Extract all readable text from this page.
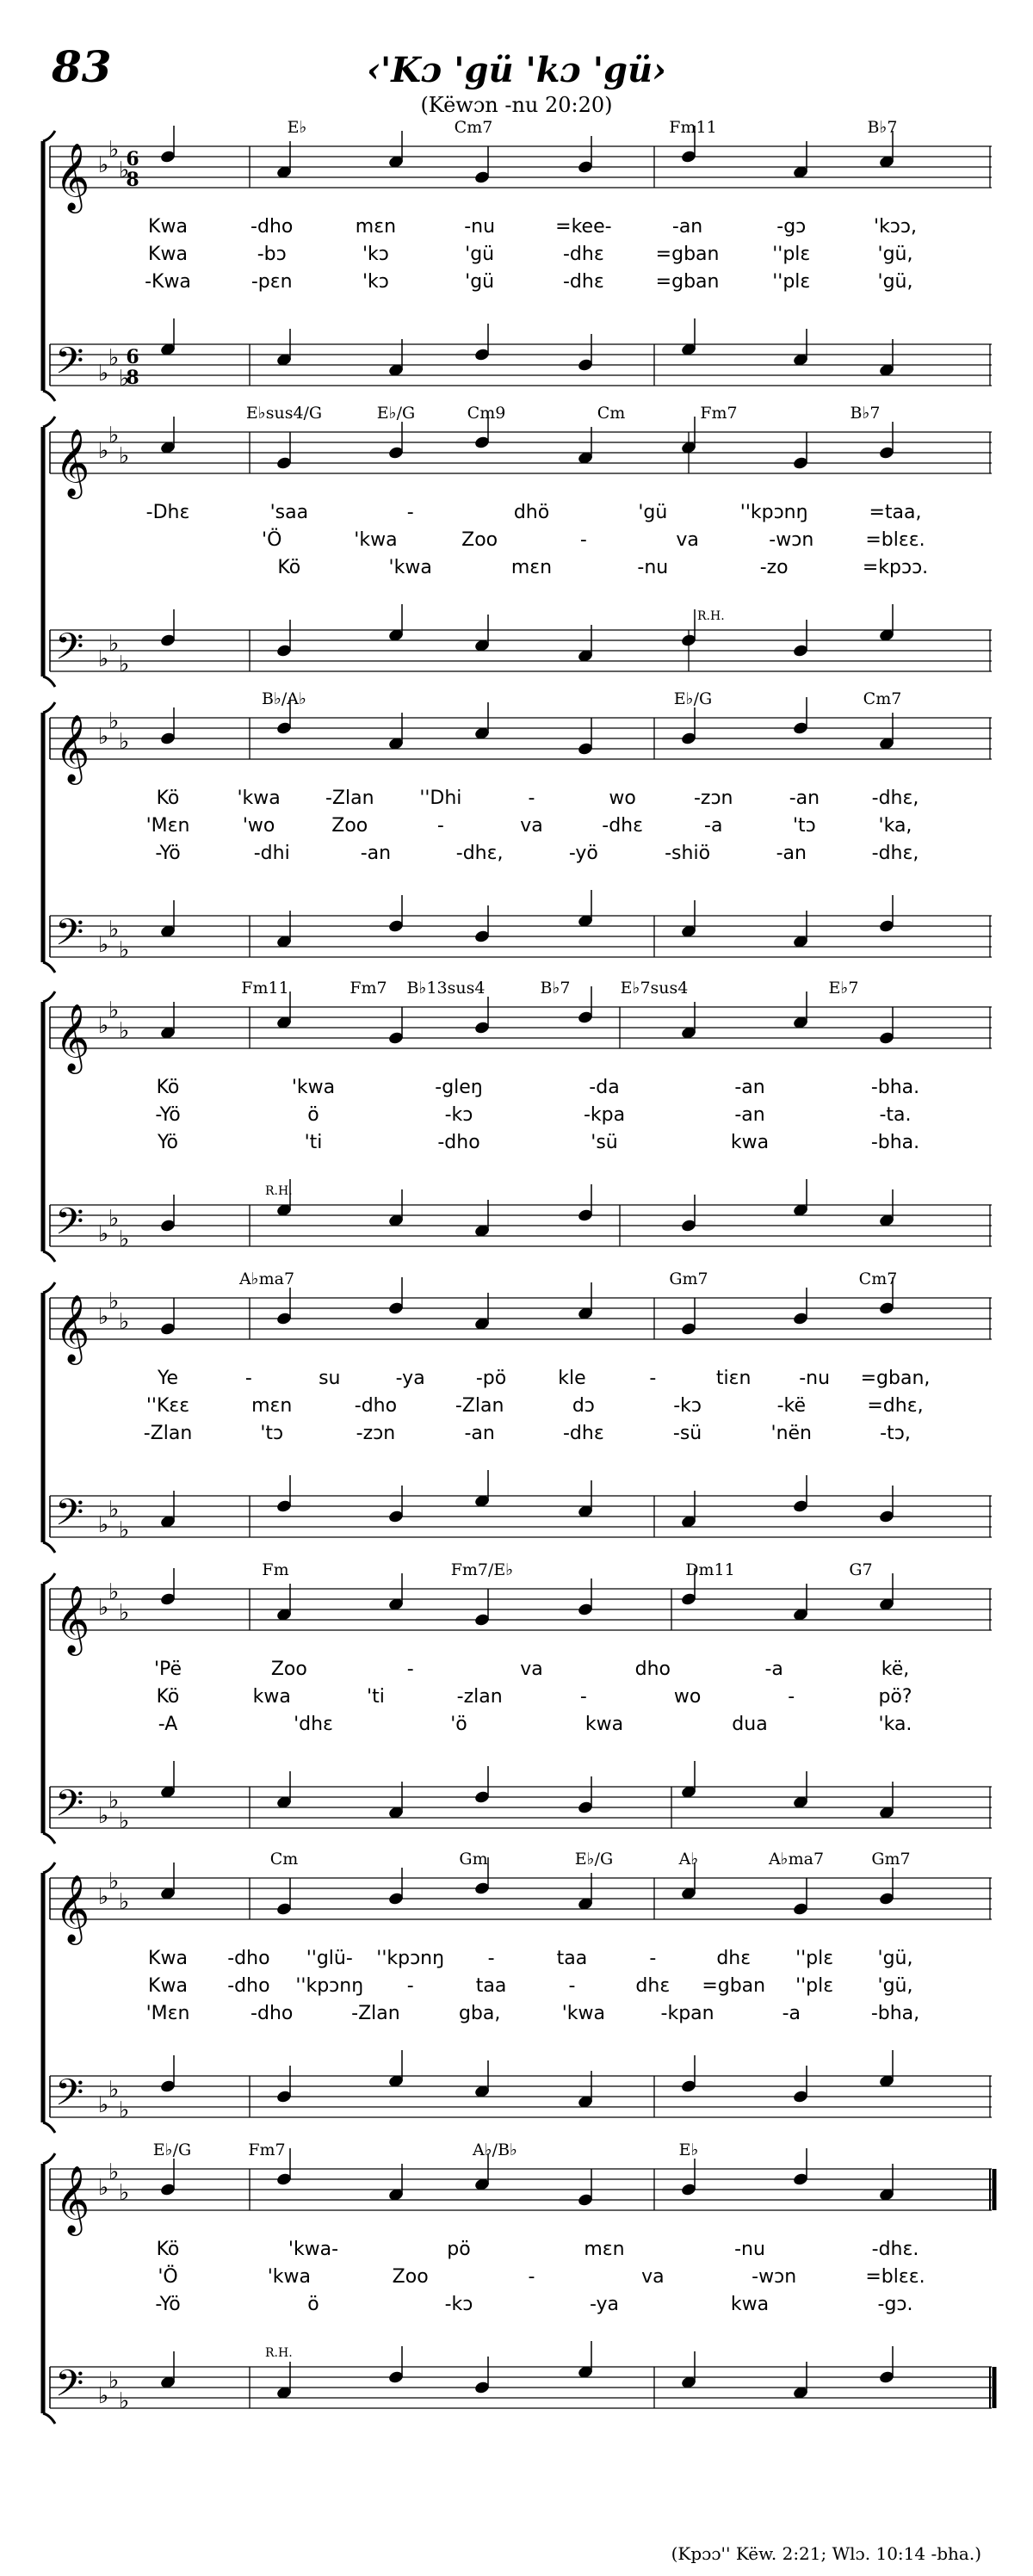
83	‹'Kɔ 'gü 'kɔ 'gü›
(Këwɔn -nu 20:20)
𝄞 ♭
♭
♭
6
8
𝄢 ♭
♭
♭
6
8
E♭	Cm7	Fm11	B♭7
Kwa	-dho	mɛn	-nu	=kee-	-an	-gɔ	'kɔɔ,
Kwa	-bɔ	'kɔ	'gü	-dhɛ	=gban	''plɛ	'gü,
-Kwa	-pɛn	'kɔ	'gü	-dhɛ	=gban	''plɛ	'gü,
𝄞 ♭
♭
♭
𝄢 ♭
♭
♭
E♭sus4/G	E♭/G	Cm9	Cm	Fm7	B♭7
R.H.
-Dhɛ	'saa	-	dhö	'gü	''kpɔnŋ	=taa,
'Ö	'kwa	Zoo	-	va	-wɔn	=blɛɛ.
Kö	'kwa	mɛn	-nu	-zo	=kpɔɔ.
𝄞 ♭
♭
♭
𝄢 ♭
♭
♭
B♭/A♭	E♭/G	Cm7
Kö	'kwa -Zlan ''Dhi	-	wo	-zɔn	-an	-dhɛ,
'Mɛn	'wo	Zoo	-	va	-dhɛ	-a	'tɔ	'ka,
-Yö	-dhi	-an	-dhɛ,	-yö	-shiö	-an	-dhɛ,
𝄞 ♭
♭
♭
𝄢 ♭
♭
♭
Fm11	Fm7 B♭13sus4	B♭7	E♭7sus4	E♭7
R.H.
Kö	'kwa	-gleŋ	-da	-an	-bha.
-Yö	ö	-kɔ	-kpa	-an	-ta.
Yö	'ti	-dho	'sü	kwa	-bha.
𝄞 ♭
♭
♭
𝄢 ♭
♭
♭
A♭ma7	Gm7	Cm7
Ye	-	su	-ya	-pö	kle	-	tiɛn	-nu =gban,
''Kɛɛ	mɛn	-dho	-Zlan	dɔ	-kɔ	-kë	=dhɛ,
-Zlan	'tɔ	-zɔn	-an	-dhɛ	-sü	'nën	-tɔ,
𝄞 ♭
♭
♭
𝄢 ♭
♭
♭
Fm	Fm7/E♭	Dm11	G7
'Pë	Zoo	-	va	dho	-a	kë,
Kö	kwa	'ti	-zlan	-	wo	-	pö?
-A	'dhɛ	'ö	kwa	dua	'ka.
𝄞 ♭
♭
♭
𝄢 ♭
♭
♭
Cm	Gm	E♭/G	A♭	A♭ma7	Gm7
Kwa -dho ''glü- ''kpɔnŋ -	taa	-	dhɛ ''plɛ 'gü,
Kwa -dho ''kpɔnŋ -	taa	-	dhɛ =gban ''plɛ 'gü,
'Mɛn	-dho	-Zlan	gba,	'kwa	-kpan	-a	-bha,
𝄞 ♭
♭
♭
𝄢 ♭
♭
♭
E♭/G	Fm7	A♭/B♭	E♭
R.H.
Kö	'kwa-	pö	mɛn	-nu	-dhɛ.
'Ö	'kwa	Zoo	-	va	-wɔn	=blɛɛ.
-Yö	ö	-kɔ	-ya	kwa	-gɔ.
(Kpɔɔ'' Këw. 2:21; Wlɔ. 10:14 -bha.)
